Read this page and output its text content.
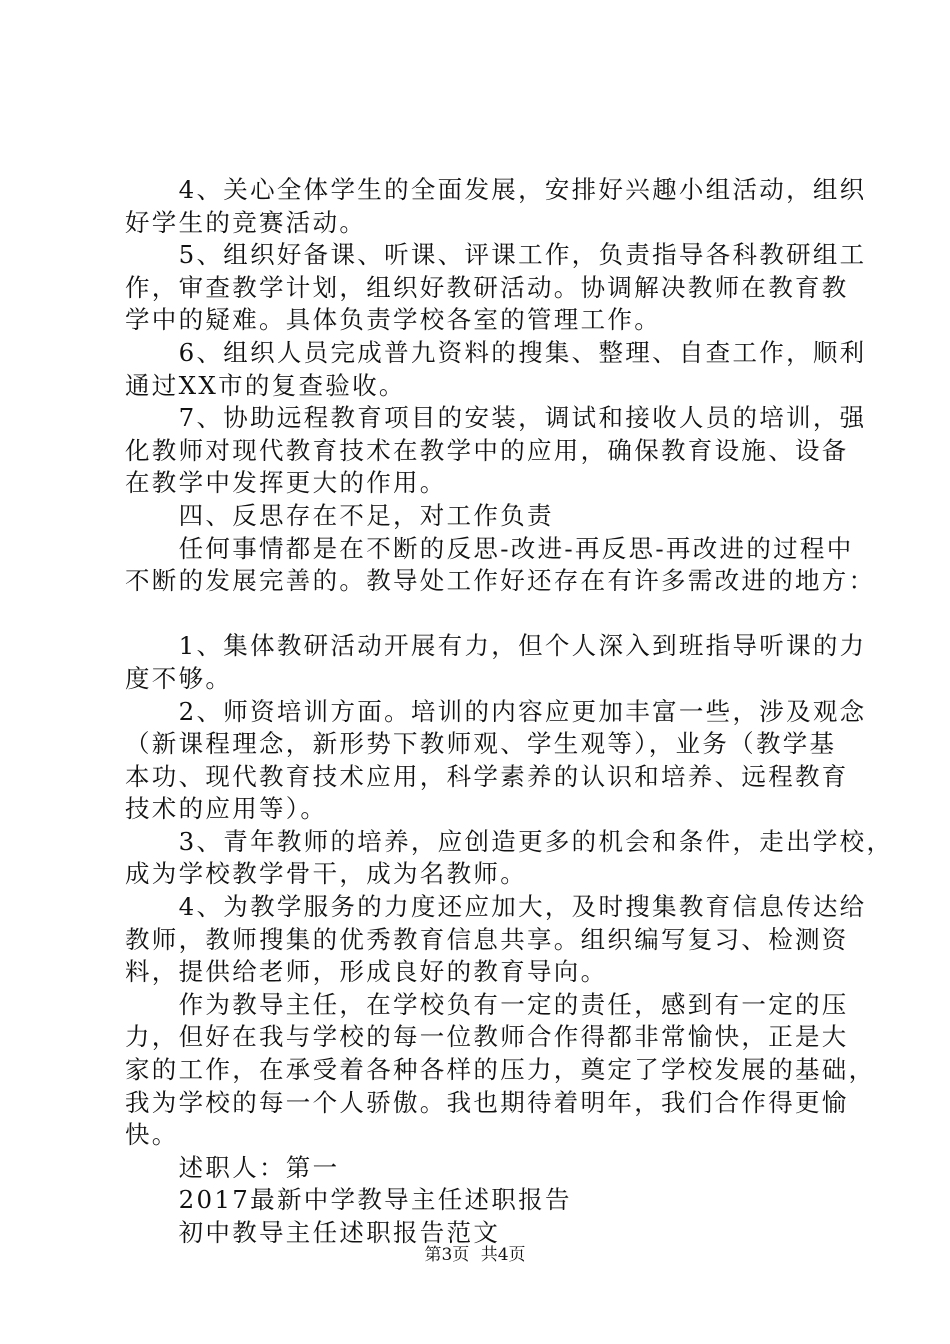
　　4、关心全体学生的全面发展，安排好兴趣小组活动，组织
好学生的竞赛活动。
　　5、组织好备课、听课、评课工作，负责指导各科教研组工
作，审查教学计划，组织好教研活动。协调解决教师在教育教
学中的疑难。具体负责学校各室的管理工作。
　　6、组织人员完成普九资料的搜集、整理、自查工作，顺利
通过XX市的复查验收。
　　7、协助远程教育项目的安装，调试和接收人员的培训，强
化教师对现代教育技术在教学中的应用，确保教育设施、设备
在教学中发挥更大的作用。
　　四、反思存在不足，对工作负责
　　任何事情都是在不断的反思-改进-再反思-再改进的过程中
不断的发展完善的。教导处工作好还存在有许多需改进的地方：
　　1、集体教研活动开展有力，但个人深入到班指导听课的力
度不够。
　　2、师资培训方面。培训的内容应更加丰富一些，涉及观念
（新课程理念，新形势下教师观、学生观等），业务（教学基
本功、现代教育技术应用，科学素养的认识和培养、远程教育
技术的应用等）。
　　3、青年教师的培养，应创造更多的机会和条件，走出学校，
成为学校教学骨干，成为名教师。
　　4、为教学服务的力度还应加大，及时搜集教育信息传达给
教师，教师搜集的优秀教育信息共享。组织编写复习、检测资
料，提供给老师，形成良好的教育导向。
　　作为教导主任，在学校负有一定的责任，感到有一定的压
力，但好在我与学校的每一位教师合作得都非常愉快，正是大
家的工作，在承受着各种各样的压力，奠定了学校发展的基础，
我为学校的每一个人骄傲。我也期待着明年，我们合作得更愉
快。
　　述职人：第一
　　2017最新中学教导主任述职报告
　　初中教导主任述职报告范文
第3页 共4页
